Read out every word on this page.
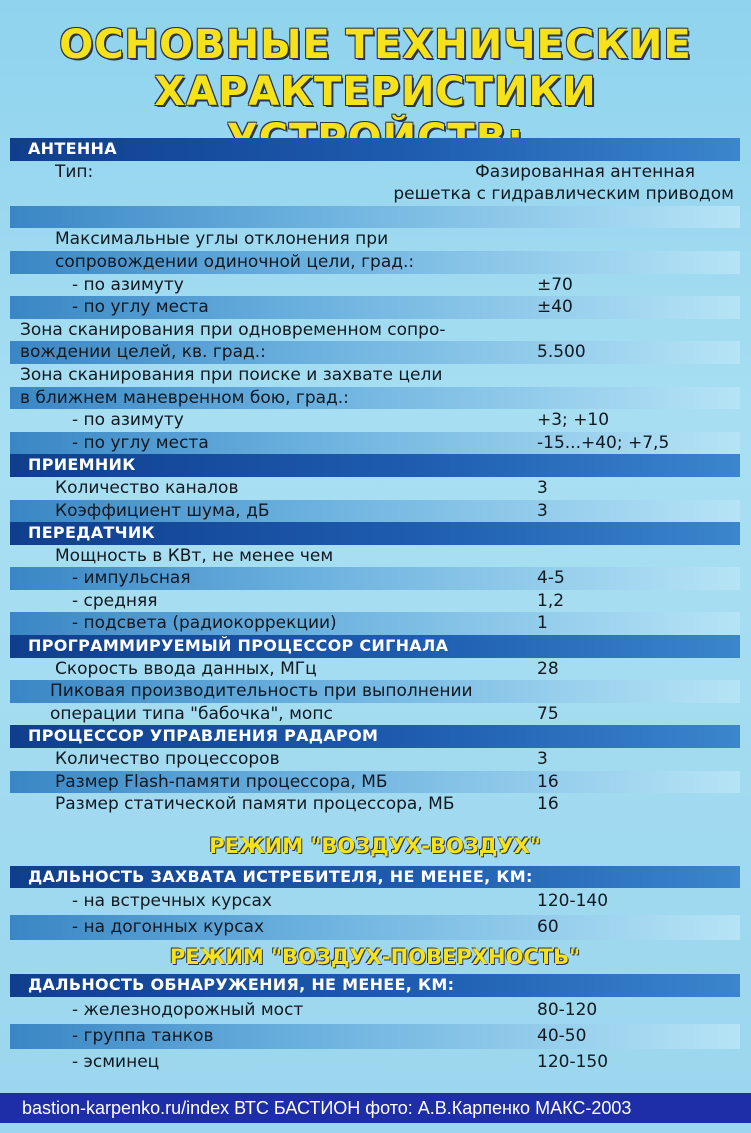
ОСНОВНЫЕ ТЕХНИЧЕСКИЕ
ХАРАКТЕРИСТИКИ
АНТЕННА
Тип:	Фазированная антенная
решетка с гидравлическим приводом
Максимальные углы отклонения при
сопровождении одиночной цели, град.:
- по азимуту	±70
- по углу места	±40
Зона сканирования при одновременном сопро-
вождении целей, кв. град.:	5.500
Зона сканирования при поиске и захвате цели
в ближнем маневренном бою, град.:
- по азимуту	+3; +10
- по углу места	-15...+40; +7,5
ПРИЕМНИК
Количество каналов	3
Коэффициент шума, дБ	3
ПЕРЕДАТЧИК
Мощность в КВт, не менее чем
- импульсная	4-5
- средняя	1,2
- подсвета (радиокоррекции)	1
ПРОГРАММИРУЕМЫЙ ПРОЦЕССОР СИГНАЛА
Скорость ввода данных, МГц	28
Пиковая производительность при выполнении
операции типа "бабочка", мопс	75
ПРОЦЕССОР УПРАВЛЕНИЯ РАДАРОМ
Количество процессоров	3
Размер Flash-памяти процессора, МБ	16
Размер статической памяти процессора, МБ	16
РЕЖИМ "ВОЗДУХ-ВОЗДУХ"
ДАЛЬНОСТЬ ЗАХВАТА ИСТРЕБИТЕЛЯ, НЕ МЕНЕЕ, КМ:
- на встречных курсах	120-140
- на догонных курсах	60
РЕЖИМ "ВОЗДУХ-ПОВЕРХНОСТЬ"
ДАЛЬНОСТЬ ОБНАРУЖЕНИЯ, НЕ МЕНЕЕ, КМ:
- железнодорожный мост	80-120
- группа танков	40-50
- эсминец	120-150
bastion-karpenko.ru/index ВТС БАСТИОН фото: А.В.Карпенко МАКС-2003
